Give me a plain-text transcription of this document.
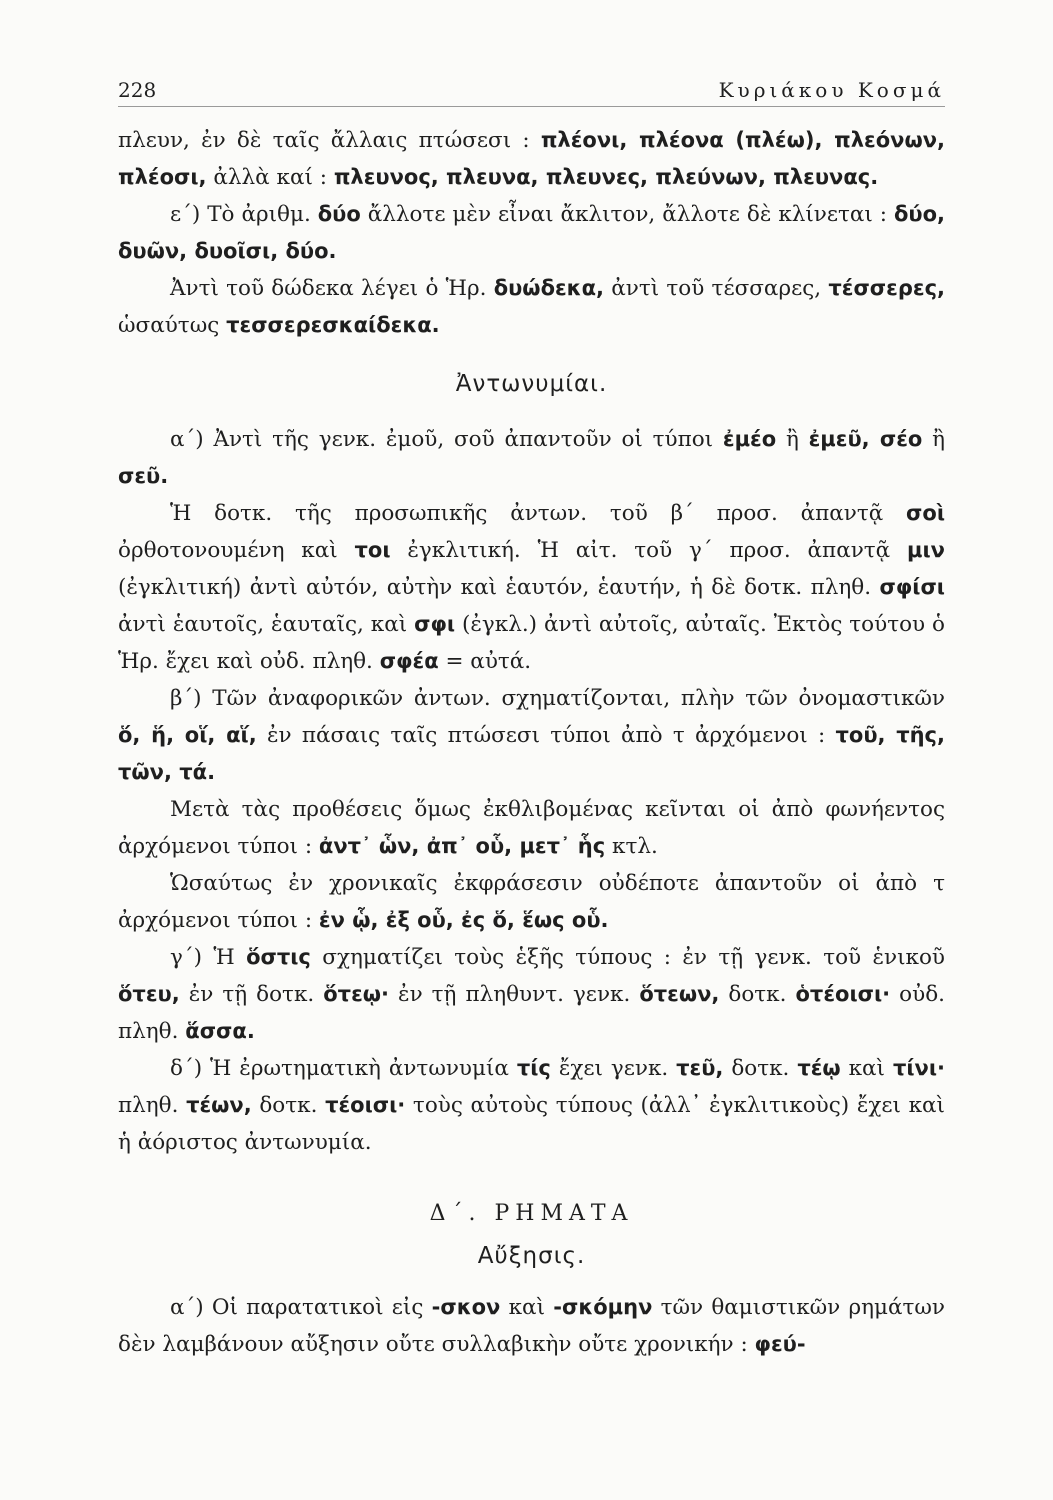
228	Κυριάκου Κοσμά

πλευν, ἐν δὲ ταῖς ἄλλαις πτώσεσι : πλέονι, πλέονα (πλέω), πλεόνων, πλέοσι, ἀλλὰ καί : πλευνος, πλευνα, πλευνες, πλεύνων, πλευνας.

ε΄) Τὸ ἀριθμ. δύο ἄλλοτε μὲν εἶναι ἄκλιτον, ἄλλοτε δὲ κλίνεται : δύο, δυῶν, δυοῖσι, δύο.

Ἀντὶ τοῦ δώδεκα λέγει ὁ Ἡρ. δυώδεκα, ἀντὶ τοῦ τέσσαρες, τέσσερες, ὡσαύτως τεσσερεσκαίδεκα.

Ἀντωνυμίαι.

α΄) Ἀντὶ τῆς γενκ. ἐμοῦ, σοῦ ἀπαντοῦν οἱ τύποι ἐμέο ἢ ἐμεῦ, σέο ἢ σεῦ.

Ἡ δοτκ. τῆς προσωπικῆς ἀντων. τοῦ β΄ προσ. ἀπαντᾷ σοὶ ὀρθοτονουμένη καὶ τοι ἐγκλιτική. Ἡ αἰτ. τοῦ γ΄ προσ. ἀπαντᾷ μιν (ἐγκλιτική) ἀντὶ αὐτόν, αὐτὴν καὶ ἑαυτόν, ἑαυτήν, ἡ δὲ δοτκ. πληθ. σφίσι ἀντὶ ἑαυτοῖς, ἑαυταῖς, καὶ σφι (ἐγκλ.) ἀντὶ αὐτοῖς, αὐταῖς. Ἐκτὸς τούτου ὁ Ἡρ. ἔχει καὶ οὐδ. πληθ. σφέα = αὐτά.

β΄) Τῶν ἀναφορικῶν ἀντων. σχηματίζονται, πλὴν τῶν ὀνομαστικῶν ὅ, ἥ, οἵ, αἵ, ἐν πάσαις ταῖς πτώσεσι τύποι ἀπὸ τ ἀρχόμενοι : τοῦ, τῆς, τῶν, τά.

Μετὰ τὰς προθέσεις ὅμως ἐκθλιβομένας κεῖνται οἱ ἀπὸ φωνήεντος ἀρχόμενοι τύποι : ἀντ᾽ ὧν, ἀπ᾽ οὗ, μετ᾽ ἧς κτλ.

Ὡσαύτως ἐν χρονικαῖς ἐκφράσεσιν οὐδέποτε ἀπαντοῦν οἱ ἀπὸ τ ἀρχόμενοι τύποι : ἐν ᾧ, ἐξ οὗ, ἐς ὅ, ἕως οὗ.

γ΄) Ἡ ὅστις σχηματίζει τοὺς ἑξῆς τύπους : ἐν τῇ γενκ. τοῦ ἑνικοῦ ὅτευ, ἐν τῇ δοτκ. ὅτεῳ· ἐν τῇ πληθυντ. γενκ. ὅτεων, δοτκ. ὁτέοισι· οὐδ. πληθ. ἅσσα.

δ΄) Ἡ ἐρωτηματικὴ ἀντωνυμία τίς ἔχει γενκ. τεῦ, δοτκ. τέῳ καὶ τίνι· πληθ. τέων, δοτκ. τέοισι· τοὺς αὐτοὺς τύπους (ἀλλ᾽ ἐγκλιτικοὺς) ἔχει καὶ ἡ ἀόριστος ἀντωνυμία.

Δ΄. ΡΗΜΑΤΑ
Αὔξησις.

α΄) Οἱ παρατατικοὶ εἰς -σκον καὶ -σκόμην τῶν θαμιστικῶν ρημάτων δὲν λαμβάνουν αὔξησιν οὔτε συλλαβικὴν οὔτε χρονικήν : φεύ-
